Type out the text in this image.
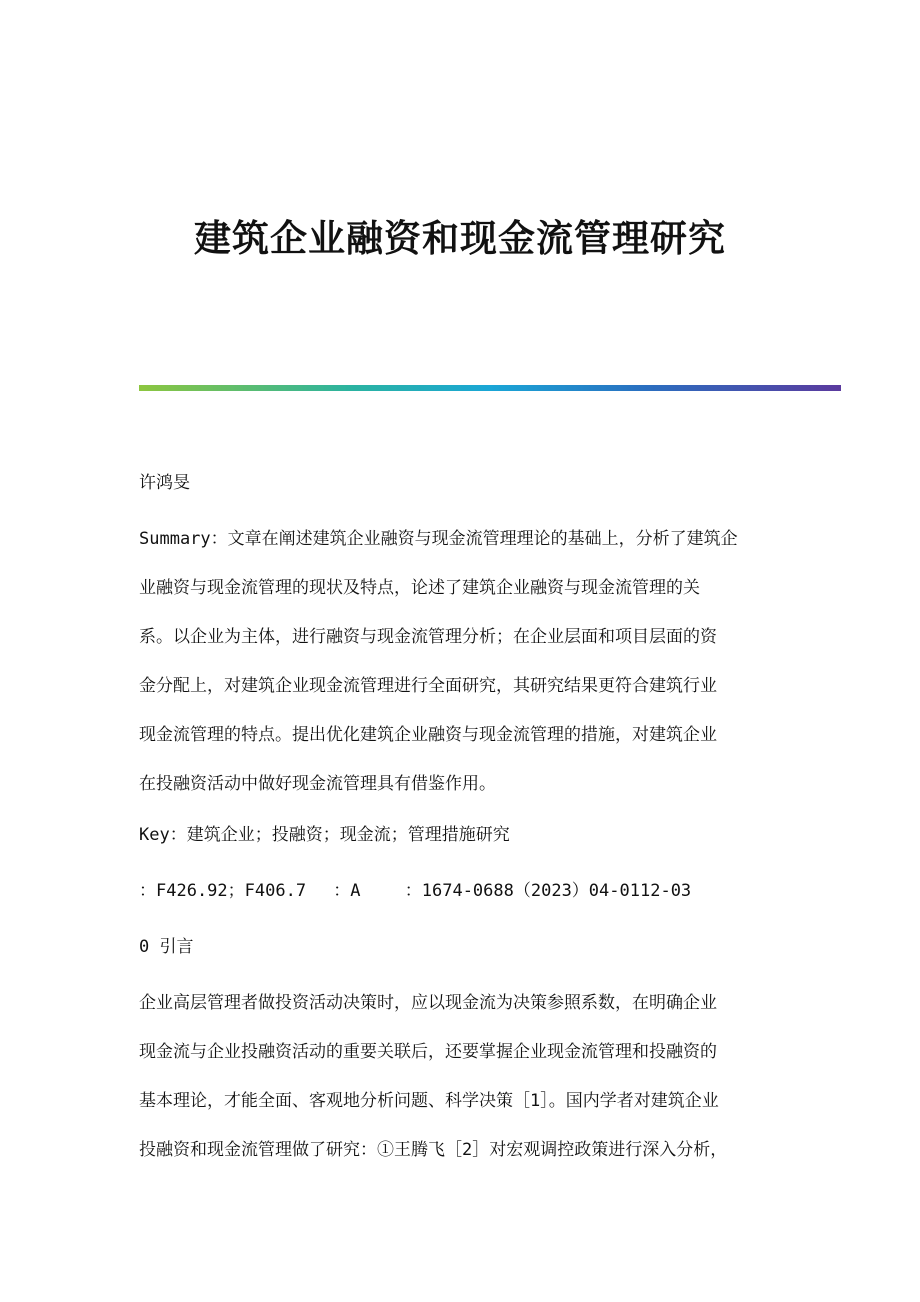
建筑企业融资和现金流管理研究

许鸿旻

Summary：文章在阐述建筑企业融资与现金流管理理论的基础上，分析了建筑企
业融资与现金流管理的现状及特点，论述了建筑企业融资与现金流管理的关
系。以企业为主体，进行融资与现金流管理分析；在企业层面和项目层面的资
金分配上，对建筑企业现金流管理进行全面研究，其研究结果更符合建筑行业
现金流管理的特点。提出优化建筑企业融资与现金流管理的措施，对建筑企业
在投融资活动中做好现金流管理具有借鉴作用。

Key：建筑企业；投融资；现金流；管理措施研究

：F426.92；F406.7　 ：A　　 ：1674-0688（2023）04-0112-03

0 引言

企业高层管理者做投资活动决策时，应以现金流为决策参照系数，在明确企业
现金流与企业投融资活动的重要关联后，还要掌握企业现金流管理和投融资的
基本理论，才能全面、客观地分析问题、科学决策［1］。国内学者对建筑企业
投融资和现金流管理做了研究：①王腾飞［2］对宏观调控政策进行深入分析，
